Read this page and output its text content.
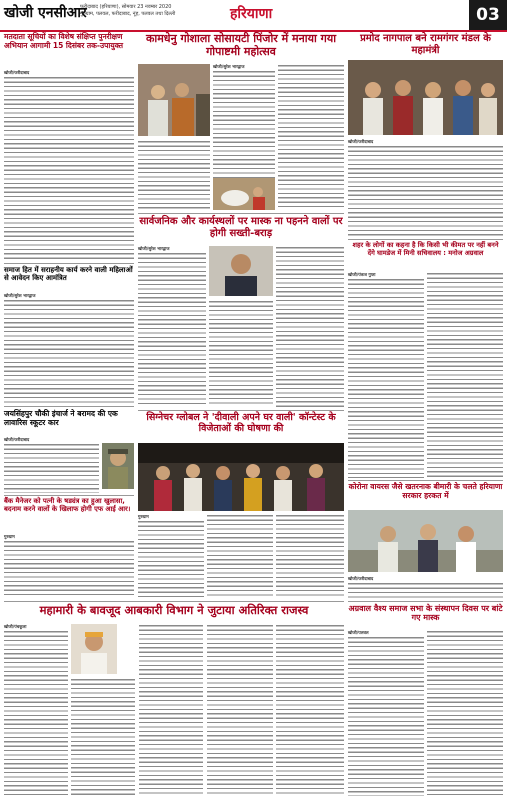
खोजी एनसीआर
फरीदाबाद (हरियाणा), सोमवार 23 नवम्बर 2020
गुरुग्राम, पलवल, फरीदाबाद, नूंह, पलवल तथा दिल्ली	हरियाणा	03
मतदाता सूचियों का विशेष संक्षिप्त पुनरीक्षण अभियान आगामी 15 दिसंबर तक-उपायुक्त
खोजी/फरीदाबाद
समाज हित में सराहनीय कार्य करने वाली महिलाओं से आवेदन किए आमंत्रित
खोजी/सुरेश भारद्वाज
जयसिंहपुर चौकी इंचार्ज ने बरामद की एक लावारिस स्कूटर कार
खोजी/फरीदाबाद
बैंक मैनेजर को पत्नी के षड्यंत्र का हुआ खुलासा, बदनाम करने वालों के खिलाफ होगी एफ आई आर।
गुरुग्राम
कामधेनु गोशाला सोसायटी पिंजोर में मनाया गया गोपाष्टमी महोत्सव
खोजी/सुरेश भारद्वाज
सार्वजनिक और कार्यस्थलों पर मास्क ना पहनने वालों पर होगी सख्ती-बराड़
खोजी/सुरेश भारद्वाज
प्रमोद नागपाल बने रामगंगर मंडल के महामंत्री
खोजी/फरीदाबाद
शहर के लोगों का कहना है कि किसी भी कीमत पर नहीं बनने देंगे घामडेज में मिनी सचिवालय : मनोज अग्रवाल
खोजी/पंकज गुप्ता
कोरोना वायरस जैसे खतरनाक बीमारी के चलते हरियाणा सरकार हरकत में
खोजी/फरीदाबाद
सिग्नेचर ग्लोबल ने 'दीवाली अपने घर वाली' कॉन्टेस्ट के विजेताओं की घोषणा की
गुरुग्राम
महामारी के बावजूद आबकारी विभाग ने जुटाया अतिरिक्त राजस्व
खोजी/पंचकूला
अग्रवाल वैश्य समाज सभा के संस्थापन दिवस पर बांटे गए मास्क
खोजी/पलवल
